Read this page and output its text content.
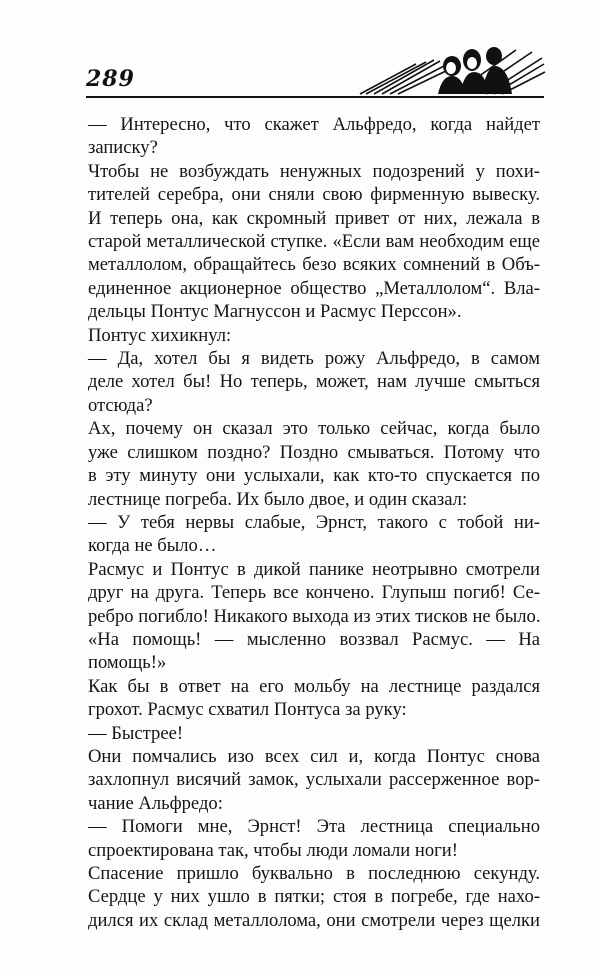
289
— Интересно, что скажет Альфредо, когда найдет
записку?
Чтобы не возбуждать ненужных подозрений у похи-
тителей серебра, они сняли свою фирменную вывеску.
И теперь она, как скромный привет от них, лежала в
старой металлической ступке. «Если вам необходим еще
металлолом, обращайтесь безо всяких сомнений в Объ-
единенное акционерное общество „Металлолом“. Вла-
дельцы Понтус Магнуссон и Расмус Перссон».
Понтус хихикнул:
— Да, хотел бы я видеть рожу Альфредо, в самом
деле хотел бы! Но теперь, может, нам лучше смыться
отсюда?
Ах, почему он сказал это только сейчас, когда было
уже слишком поздно? Поздно смываться. Потому что
в эту минуту они услыхали, как кто-то спускается по
лестнице погреба. Их было двое, и один сказал:
— У тебя нервы слабые, Эрнст, такого с тобой ни-
когда не было…
Расмус и Понтус в дикой панике неотрывно смотрели
друг на друга. Теперь все кончено. Глупыш погиб! Се-
ребро погибло! Никакого выхода из этих тисков не было.
«На помощь! — мысленно воззвал Расмус. — На
помощь!»
Как бы в ответ на его мольбу на лестнице раздался
грохот. Расмус схватил Понтуса за руку:
— Быстрее!
Они помчались изо всех сил и, когда Понтус снова
захлопнул висячий замок, услыхали рассерженное вор-
чание Альфредо:
— Помоги мне, Эрнст! Эта лестница специально
спроектирована так, чтобы люди ломали ноги!
Спасение пришло буквально в последнюю секунду.
Сердце у них ушло в пятки; стоя в погребе, где нахо-
дился их склад металлолома, они смотрели через щелки
